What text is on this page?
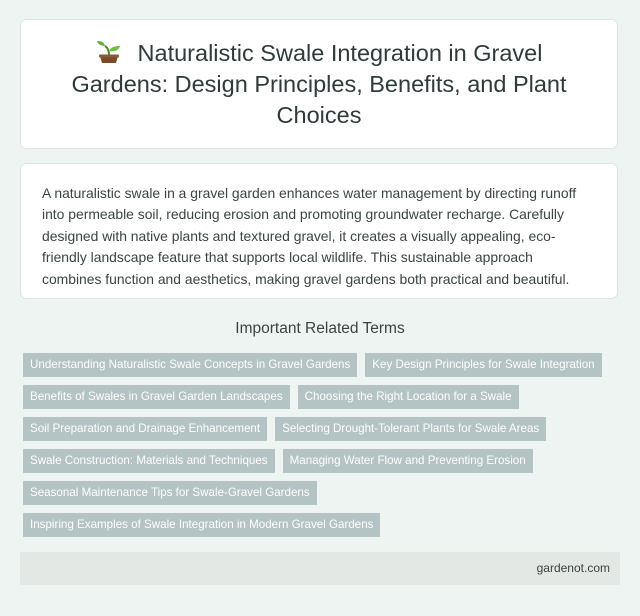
Naturalistic Swale Integration in Gravel Gardens: Design Principles, Benefits, and Plant Choices

A naturalistic swale in a gravel garden enhances water management by directing runoff into permeable soil, reducing erosion and promoting groundwater recharge. Carefully designed with native plants and textured gravel, it creates a visually appealing, eco-friendly landscape feature that supports local wildlife. This sustainable approach combines function and aesthetics, making gravel gardens both practical and beautiful.

Important Related Terms
Understanding Naturalistic Swale Concepts in Gravel Gardens	Key Design Principles for Swale Integration
Benefits of Swales in Gravel Garden Landscapes	Choosing the Right Location for a Swale
Soil Preparation and Drainage Enhancement	Selecting Drought-Tolerant Plants for Swale Areas
Swale Construction: Materials and Techniques	Managing Water Flow and Preventing Erosion
Seasonal Maintenance Tips for Swale-Gravel Gardens
Inspiring Examples of Swale Integration in Modern Gravel Gardens
gardenot.com
